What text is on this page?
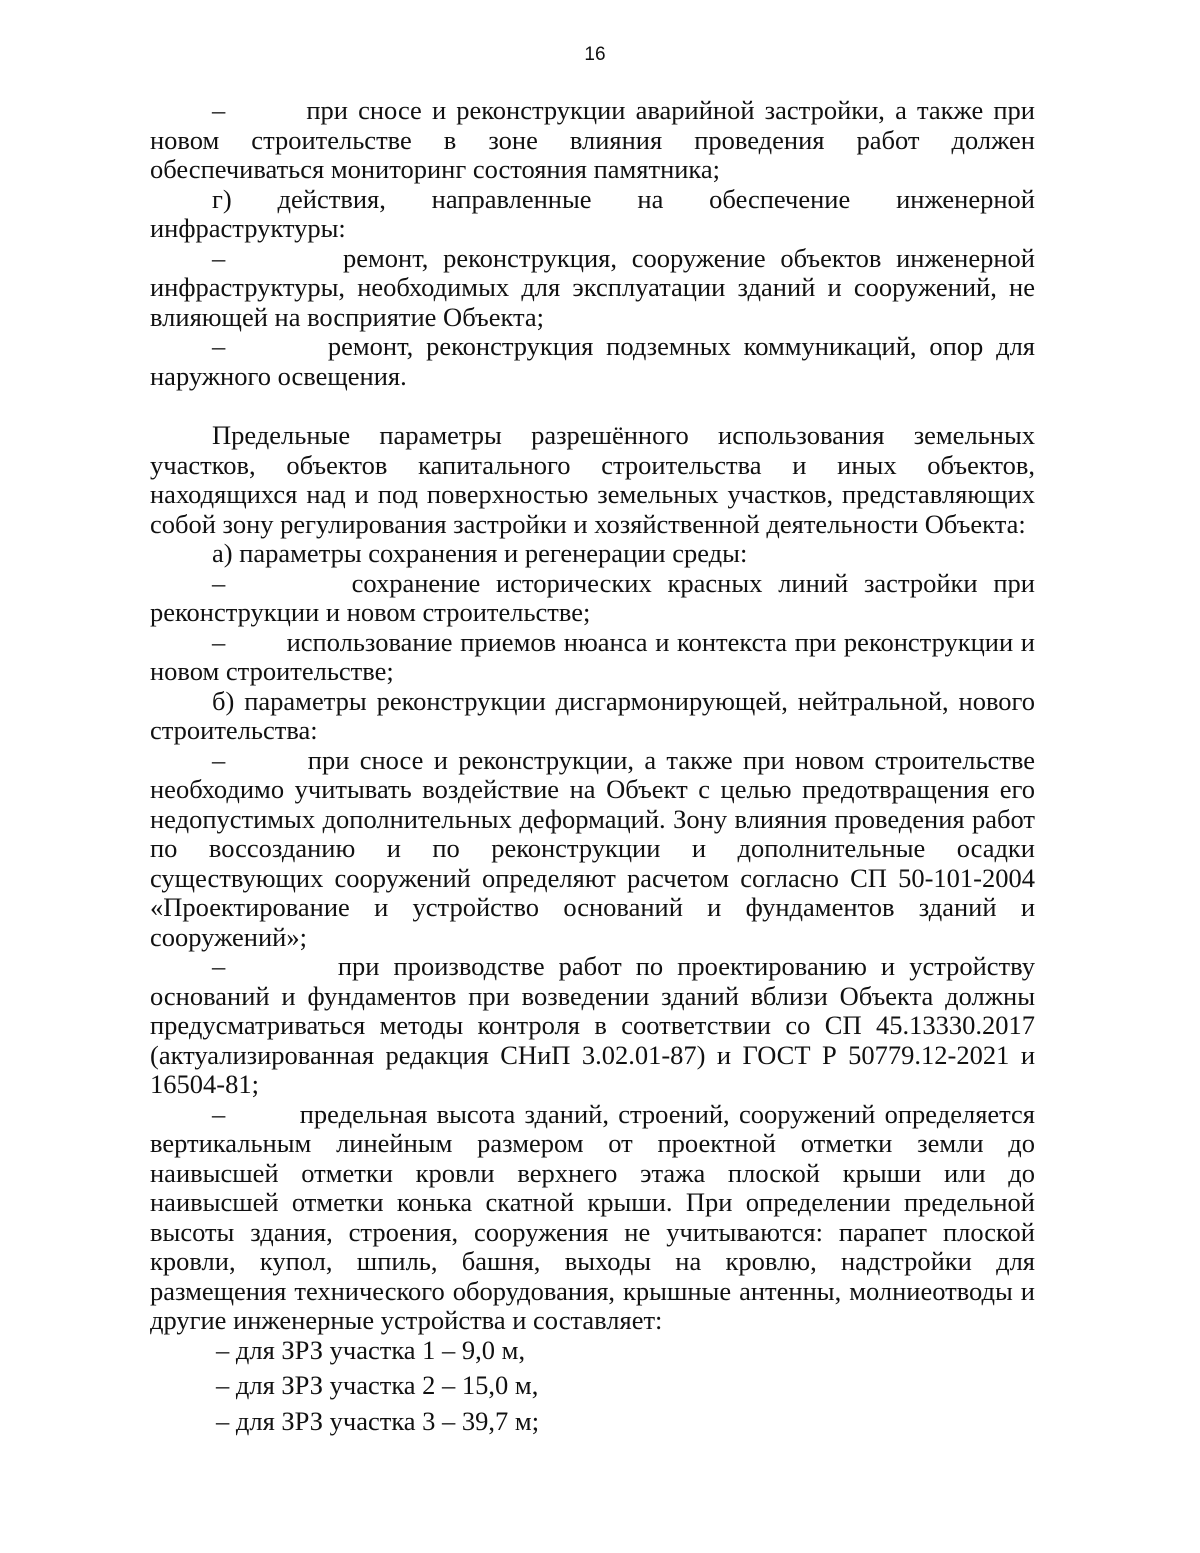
16

–        при сносе и реконструкции аварийной застройки, а также при новом строительстве в зоне влияния проведения работ должен обеспечиваться мониторинг состояния памятника;

г) действия, направленные на обеспечение инженерной инфраструктуры:

–        ремонт, реконструкция, сооружение объектов инженерной инфраструктуры, необходимых для эксплуатации зданий и сооружений, не влияющей на восприятие Объекта;

–        ремонт, реконструкция подземных коммуникаций, опор для наружного освещения.

Предельные параметры разрешённого использования земельных участков, объектов капитального строительства и иных объектов, находящихся над и под поверхностью земельных участков, представляющих собой зону регулирования застройки и хозяйственной деятельности Объекта:

а) параметры сохранения и регенерации среды:

–        сохранение исторических красных линий застройки при реконструкции и новом строительстве;

–        использование приемов нюанса и контекста при реконструкции и новом строительстве;

б) параметры реконструкции дисгармонирующей, нейтральной, нового строительства:

–        при сносе и реконструкции, а также при новом строительстве необходимо учитывать воздействие на Объект с целью предотвращения его недопустимых дополнительных деформаций. Зону влияния проведения работ по воссозданию и по реконструкции и дополнительные осадки существующих сооружений определяют расчетом согласно СП 50-101-2004 «Проектирование и устройство оснований и фундаментов зданий и сооружений»;

–        при производстве работ по проектированию и устройству оснований и фундаментов при возведении зданий вблизи Объекта должны предусматриваться методы контроля в соответствии со СП 45.13330.2017 (актуализированная редакция СНиП 3.02.01-87) и ГОСТ Р 50779.12-2021 и 16504-81;

–        предельная высота зданий, строений, сооружений определяется вертикальным линейным размером от проектной отметки земли до наивысшей отметки кровли верхнего этажа плоской крыши или до наивысшей отметки конька скатной крыши. При определении предельной высоты здания, строения, сооружения не учитываются: парапет плоской кровли, купол, шпиль, башня, выходы на кровлю, надстройки для размещения технического оборудования, крышные антенны, молниеотводы и другие инженерные устройства и составляет:

– для ЗРЗ участка 1 – 9,0 м,

– для ЗРЗ участка 2 – 15,0 м,

– для ЗРЗ участка 3 – 39,7 м;
